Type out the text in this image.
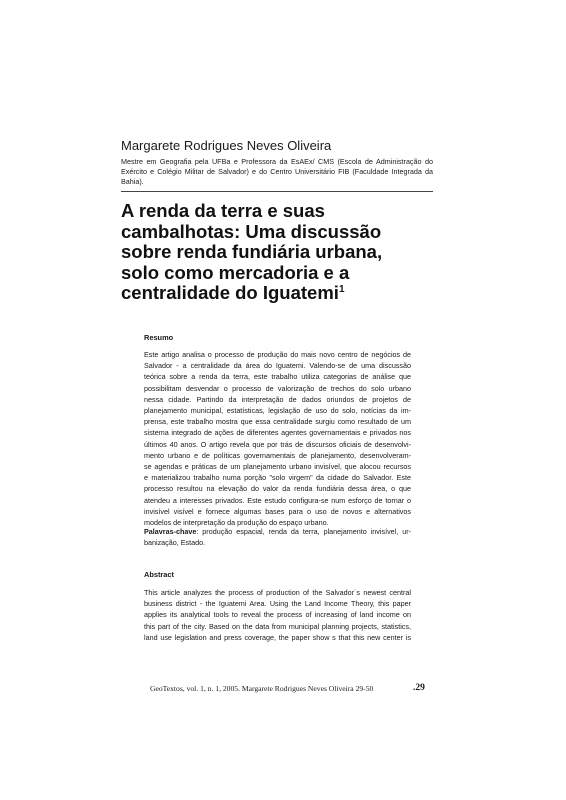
Margarete Rodrigues Neves Oliveira
Mestre em Geografia pela UFBa e Professora da EsAEx/ CMS (Escola de Administração do Exército e Colégio Militar de Salvador) e do Centro Universitário FIB (Faculdade Integrada da Bahia).
A renda da terra e suas
cambalhotas: Uma discussão
sobre renda fundiária urbana,
solo como mercadoria e a
centralidade do Iguatemi$^1$
Resumo
Este artigo analisa o processo de produção do mais novo centro de negócios de
Salvador - a centralidade da área do Iguatemi. Valendo-se de uma discussão
teórica sobre a renda da terra, este trabalho utiliza categorias de análise que
possibilitam desvendar o processo de valorização de trechos do solo urbano
nessa cidade. Partindo da interpretação de dados oriundos de projetos de
planejamento municipal, estatísticas, legislação de uso do solo, notícias da im-
prensa, este trabalho mostra que essa centralidade surgiu como resultado de um
sistema integrado de ações de diferentes agentes governamentais e privados nos
últimos 40 anos. O artigo revela que por trás de discursos oficiais de desenvolvi-
mento urbano e de políticas governamentais de planejamento, desenvolveram-
se agendas e práticas de um planejamento urbano invisível, que alocou recursos
e materializou trabalho numa porção "solo virgem" da cidade do Salvador. Este
processo resultou na elevação do valor da renda fundiária dessa área, o que
atendeu a interesses privados. Este estudo configura-se num esforço de tornar o
invisível visível e fornece algumas bases para o uso de novos e alternativos
modelos de interpretação da produção do espaço urbano.
Palavras-chave: produção espacial, renda da terra, planejamento invisível, ur-
banização, Estado.
Abstract
This article analyzes the process of production of the Salvador´s newest central
business district - the Iguatemi Area. Using the Land Income Theory, this paper
applies its analytical tools to reveal the process of increasing of land income on
this part of the city. Based on the data from municipal planning projects, statistics,
land use legislation and press coverage, the paper show s that this new center is
GeoTextos, vol. 1, n. 1, 2005. Margarete Rodrigues Neves Oliveira 29-50	.29
